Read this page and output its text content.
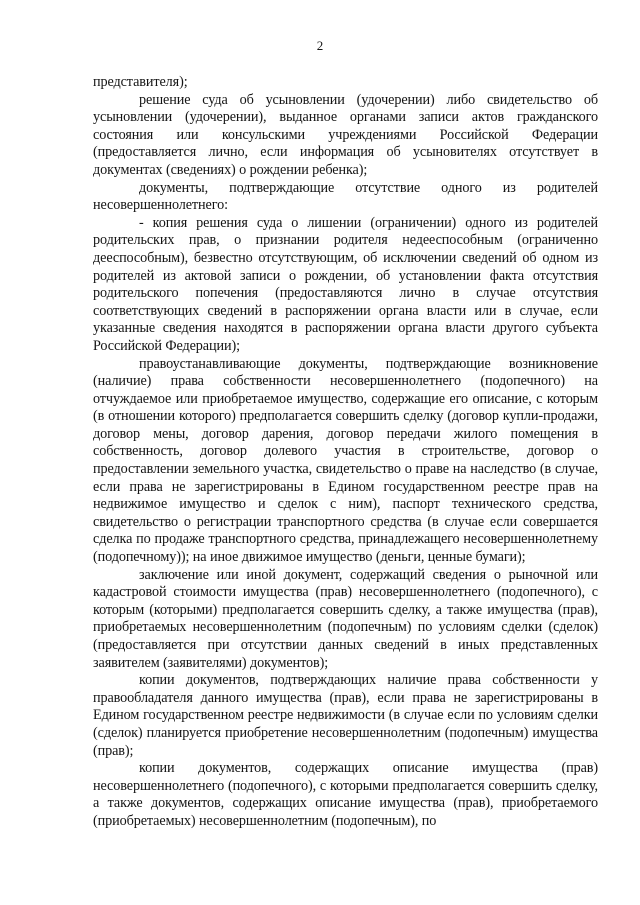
2

представителя);

решение суда об усыновлении (удочерении) либо свидетельство об усыновлении (удочерении), выданное органами записи актов гражданского состояния или консульскими учреждениями Российской Федерации (предоставляется лично, если информация об усыновителях отсутствует в документах (сведениях) о рождении ребенка);

документы, подтверждающие отсутствие одного из родителей несовершеннолетнего:

- копия решения суда о лишении (ограничении) одного из родителей родительских прав, о признании родителя недееспособным (ограниченно дееспособным), безвестно отсутствующим, об исключении сведений об одном из родителей из актовой записи о рождении, об установлении факта отсутствия родительского попечения (предоставляются лично в случае отсутствия соответствующих сведений в распоряжении органа власти или в случае, если указанные сведения находятся в распоряжении органа власти другого субъекта Российской Федерации);

правоустанавливающие документы, подтверждающие возникновение (наличие) права собственности несовершеннолетнего (подопечного) на отчуждаемое или приобретаемое имущество, содержащие его описание, с которым (в отношении которого) предполагается совершить сделку (договор купли-продажи, договор мены, договор дарения, договор передачи жилого помещения в собственность, договор долевого участия в строительстве, договор о предоставлении земельного участка, свидетельство о праве на наследство (в случае, если права не зарегистрированы в Едином государственном реестре прав на недвижимое имущество и сделок с ним), паспорт технического средства, свидетельство о регистрации транспортного средства (в случае если совершается сделка по продаже транспортного средства, принадлежащего несовершеннолетнему (подопечному)); на иное движимое имущество (деньги, ценные бумаги);

заключение или иной документ, содержащий сведения о рыночной или кадастровой стоимости имущества (прав) несовершеннолетнего (подопечного), с которым (которыми) предполагается совершить сделку, а также имущества (прав), приобретаемых несовершеннолетним (подопечным) по условиям сделки (сделок) (предоставляется при отсутствии данных сведений в иных представленных заявителем (заявителями) документов);

копии документов, подтверждающих наличие права собственности у правообладателя данного имущества (прав), если права не зарегистрированы в Едином государственном реестре недвижимости (в случае если по условиям сделки (сделок) планируется приобретение несовершеннолетним (подопечным) имущества (прав);

копии документов, содержащих описание имущества (прав) несовершеннолетнего (подопечного), с которыми предполагается совершить сделку, а также документов, содержащих описание имущества (прав), приобретаемого (приобретаемых) несовершеннолетним (подопечным), по
